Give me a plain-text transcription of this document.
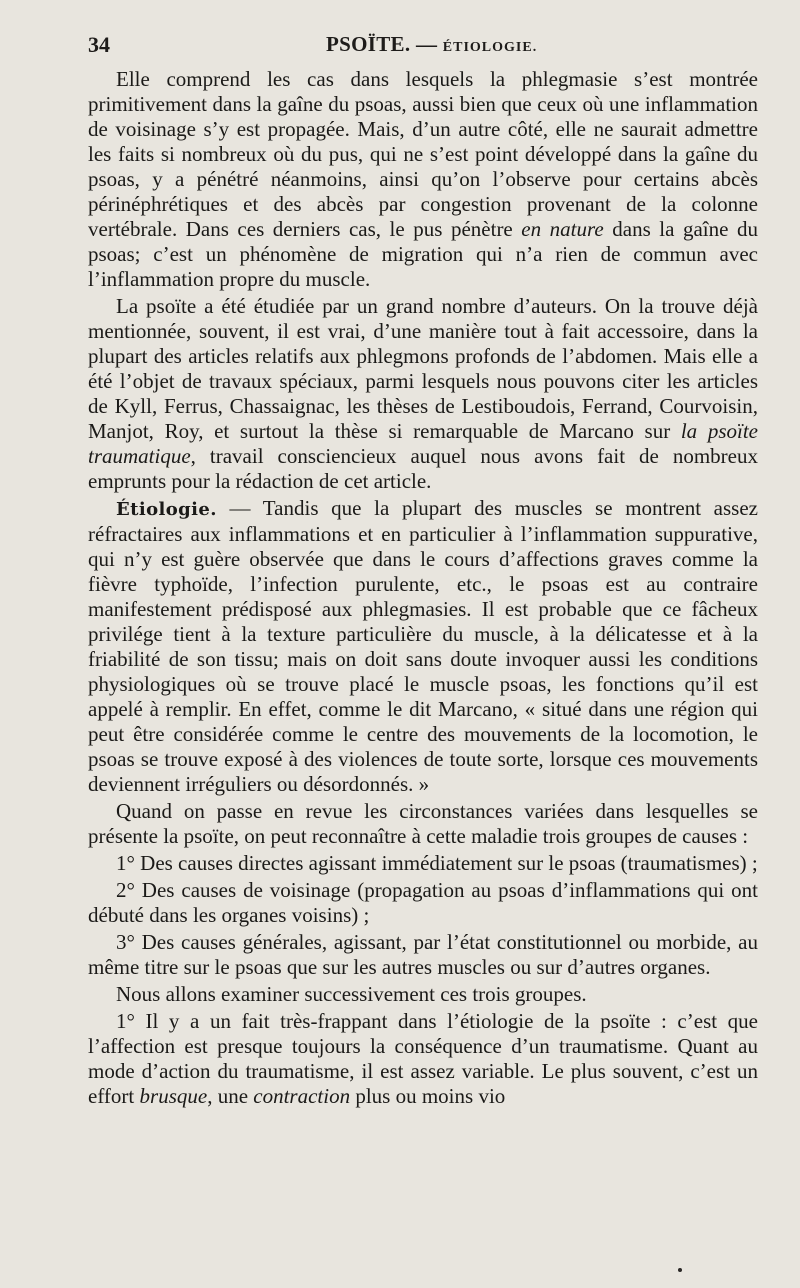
34	PSOÏTE. — ÉTIOLOGIE.

Elle comprend les cas dans lesquels la phlegmasie s’est montrée primitivement dans la gaîne du psoas, aussi bien que ceux où une inflammation de voisinage s’y est propagée. Mais, d’un autre côté, elle ne saurait admettre les faits si nombreux où du pus, qui ne s’est point développé dans la gaîne du psoas, y a pénétré néanmoins, ainsi qu’on l’observe pour certains abcès périnéphrétiques et des abcès par congestion provenant de la colonne vertébrale. Dans ces derniers cas, le pus pénètre en nature dans la gaîne du psoas; c’est un phénomène de migration qui n’a rien de commun avec l’inflammation propre du muscle.

La psoïte a été étudiée par un grand nombre d’auteurs. On la trouve déjà mentionnée, souvent, il est vrai, d’une manière tout à fait accessoire, dans la plupart des articles relatifs aux phlegmons profonds de l’abdomen. Mais elle a été l’objet de travaux spéciaux, parmi lesquels nous pouvons citer les articles de Kyll, Ferrus, Chassaignac, les thèses de Lestiboudois, Ferrand, Courvoisin, Manjot, Roy, et surtout la thèse si remarquable de Marcano sur la psoïte traumatique, travail consciencieux auquel nous avons fait de nombreux emprunts pour la rédaction de cet article.

Étiologie. — Tandis que la plupart des muscles se montrent assez réfractaires aux inflammations et en particulier à l’inflammation suppurative, qui n’y est guère observée que dans le cours d’affections graves comme la fièvre typhoïde, l’infection purulente, etc., le psoas est au contraire manifestement prédisposé aux phlegmasies. Il est probable que ce fâcheux privilége tient à la texture particulière du muscle, à la délicatesse et à la friabilité de son tissu; mais on doit sans doute invoquer aussi les conditions physiologiques où se trouve placé le muscle psoas, les fonctions qu’il est appelé à remplir. En effet, comme le dit Marcano, « situé dans une région qui peut être considérée comme le centre des mouvements de la locomotion, le psoas se trouve exposé à des violences de toute sorte, lorsque ces mouvements deviennent irréguliers ou désordonnés. »

Quand on passe en revue les circonstances variées dans lesquelles se présente la psoïte, on peut reconnaître à cette maladie trois groupes de causes :

1° Des causes directes agissant immédiatement sur le psoas (traumatismes) ;

2° Des causes de voisinage (propagation au psoas d’inflammations qui ont débuté dans les organes voisins) ;

3° Des causes générales, agissant, par l’état constitutionnel ou morbide, au même titre sur le psoas que sur les autres muscles ou sur d’autres organes.

Nous allons examiner successivement ces trois groupes.

1° Il y a un fait très-frappant dans l’étiologie de la psoïte : c’est que l’affection est presque toujours la conséquence d’un traumatisme. Quant au mode d’action du traumatisme, il est assez variable. Le plus souvent, c’est un effort brusque, une contraction plus ou moins vio
